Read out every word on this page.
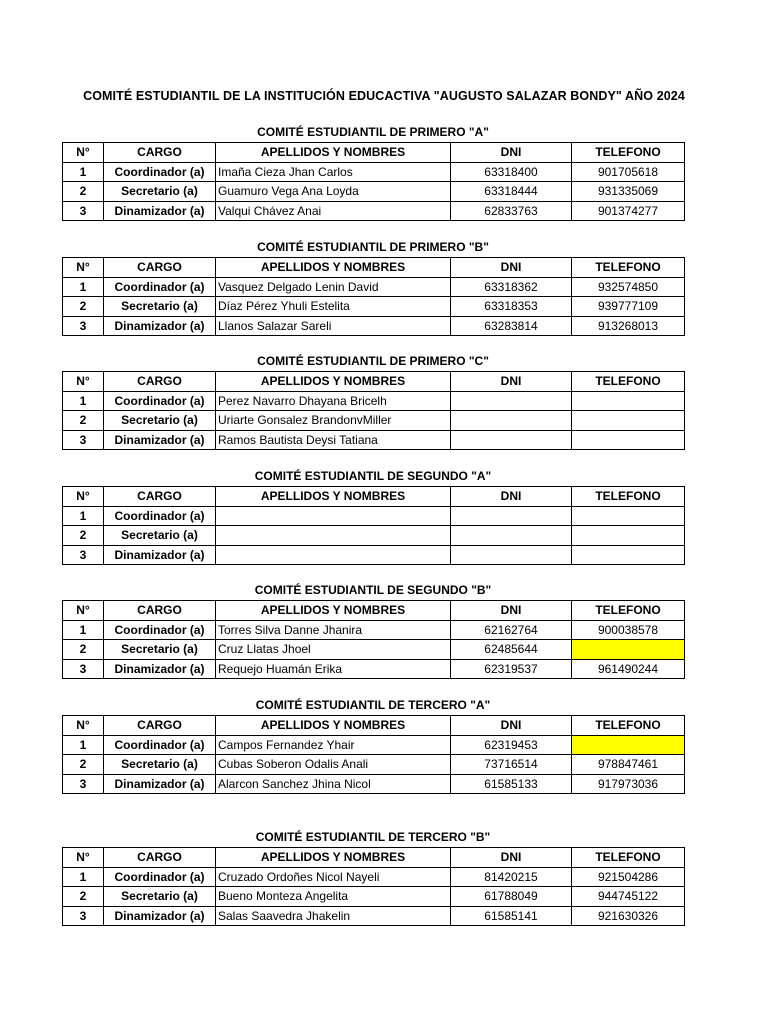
COMITÉ ESTUDIANTIL DE LA INSTITUCIÓN EDUCACTIVA "AUGUSTO SALAZAR BONDY" AÑO 2024
COMITÉ ESTUDIANTIL DE PRIMERO "A"
N°	CARGO	APELLIDOS Y NOMBRES	DNI	TELEFONO
1	Coordinador (a)	Imaña Cieza Jhan Carlos	63318400	901705618
2	Secretario (a)	Guamuro Vega Ana Loyda	63318444	931335069
3	Dinamizador (a)	Valqui Chávez Anai	62833763	901374277
COMITÉ ESTUDIANTIL DE PRIMERO "B"
N°	CARGO	APELLIDOS Y NOMBRES	DNI	TELEFONO
1	Coordinador (a)	Vasquez Delgado Lenin David	63318362	932574850
2	Secretario (a)	Díaz Pérez Yhuli Estelita	63318353	939777109
3	Dinamizador (a)	Llanos Salazar Sareli	63283814	913268013
COMITÉ ESTUDIANTIL DE PRIMERO "C"
N°	CARGO	APELLIDOS Y NOMBRES	DNI	TELEFONO
1	Coordinador (a)	Perez Navarro Dhayana Bricelh		
2	Secretario (a)	Uriarte Gonsalez BrandonvMiller		
3	Dinamizador (a)	Ramos Bautista Deysi Tatiana		
COMITÉ ESTUDIANTIL DE SEGUNDO "A"
N°	CARGO	APELLIDOS Y NOMBRES	DNI	TELEFONO
1	Coordinador (a)			
2	Secretario (a)			
3	Dinamizador (a)			
COMITÉ ESTUDIANTIL DE SEGUNDO "B"
N°	CARGO	APELLIDOS Y NOMBRES	DNI	TELEFONO
1	Coordinador (a)	Torres Silva Danne Jhanira	62162764	900038578
2	Secretario (a)	Cruz Llatas Jhoel	62485644	
3	Dinamizador (a)	Requejo Huamán Erika	62319537	961490244
COMITÉ ESTUDIANTIL DE TERCERO "A"
N°	CARGO	APELLIDOS Y NOMBRES	DNI	TELEFONO
1	Coordinador (a)	Campos Fernandez Yhair	62319453	
2	Secretario (a)	Cubas Soberon Odalis Anali	73716514	978847461
3	Dinamizador (a)	Alarcon Sanchez Jhina Nicol	61585133	917973036
COMITÉ ESTUDIANTIL DE TERCERO "B"
N°	CARGO	APELLIDOS Y NOMBRES	DNI	TELEFONO
1	Coordinador (a)	Cruzado Ordoñes Nicol Nayeli	81420215	921504286
2	Secretario (a)	Bueno Monteza Angelita	61788049	944745122
3	Dinamizador (a)	Salas Saavedra Jhakelin	61585141	921630326
